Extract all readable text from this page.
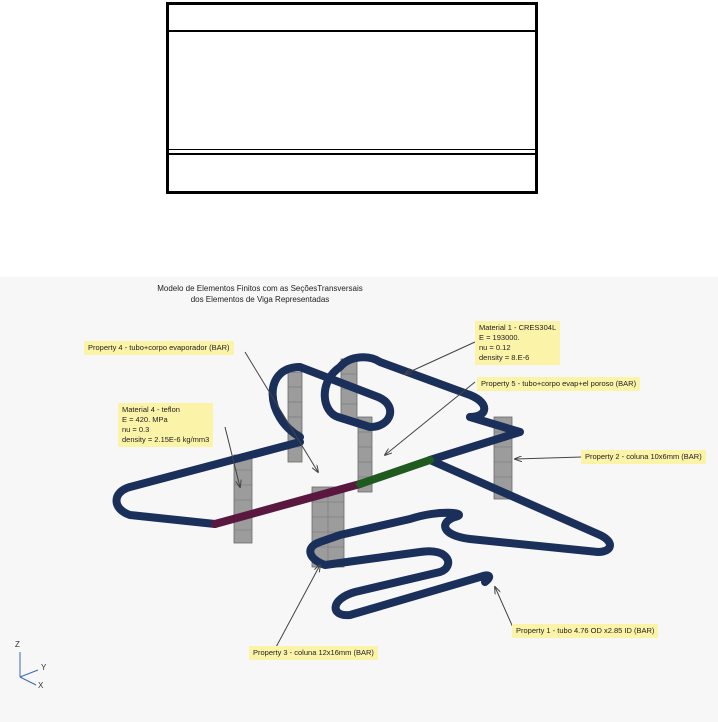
Modelo de Elementos Finitos com as SeçõesTransversais
dos Elementos de Viga Representadas
Z
Y
X
Material 1 - CRES304L
E = 193000.
nu = 0.12
density = 8.E-6
Property 4 - tubo+corpo evaporador (BAR)
Property 5 - tubo+corpo evap+el poroso (BAR)
Material 4 - teflon
E = 420. MPa
nu = 0.3
density = 2.15E-6 kg/mm3
Property 2 - coluna 10x6mm (BAR)
Property 1 - tubo 4.76 OD x2.85 ID (BAR)
Property 3 - coluna 12x16mm (BAR)
